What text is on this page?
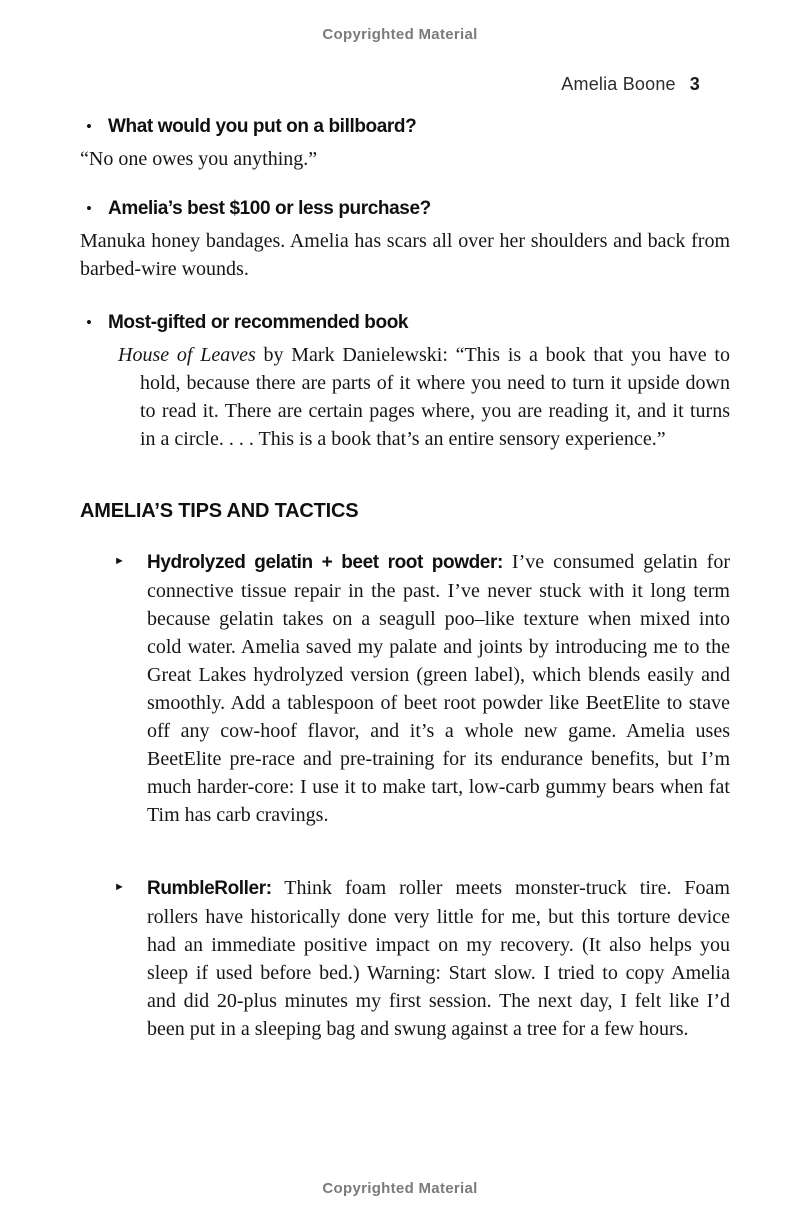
Copyrighted Material
Amelia Boone 3
• What would you put on a billboard?

“No one owes you anything.”

• Amelia’s best $100 or less purchase?

Manuka honey bandages. Amelia has scars all over her shoulders and back from barbed-wire wounds.

• Most-gifted or recommended book

House of Leaves by Mark Danielewski: “This is a book that you have to hold, because there are parts of it where you need to turn it upside down to read it. There are certain pages where, you are reading it, and it turns in a circle. . . . This is a book that’s an entire sensory experience.”

AMELIA’S TIPS AND TACTICS
► Hydrolyzed gelatin + beet root powder: I’ve consumed gelatin for connective tissue repair in the past. I’ve never stuck with it long term because gelatin takes on a seagull poo–like texture when mixed into cold water. Amelia saved my palate and joints by introducing me to the Great Lakes hydrolyzed version (green label), which blends easily and smoothly. Add a tablespoon of beet root powder like BeetElite to stave off any cow-hoof flavor, and it’s a whole new game. Amelia uses BeetElite pre-race and pre-training for its endurance benefits, but I’m much harder-core: I use it to make tart, low-carb gummy bears when fat Tim has carb cravings.

► RumbleRoller: Think foam roller meets monster-truck tire. Foam rollers have historically done very little for me, but this torture device had an immediate positive impact on my recovery. (It also helps you sleep if used before bed.) Warning: Start slow. I tried to copy Amelia and did 20-plus minutes my first session. The next day, I felt like I’d been put in a sleeping bag and swung against a tree for a few hours.

Copyrighted Material
